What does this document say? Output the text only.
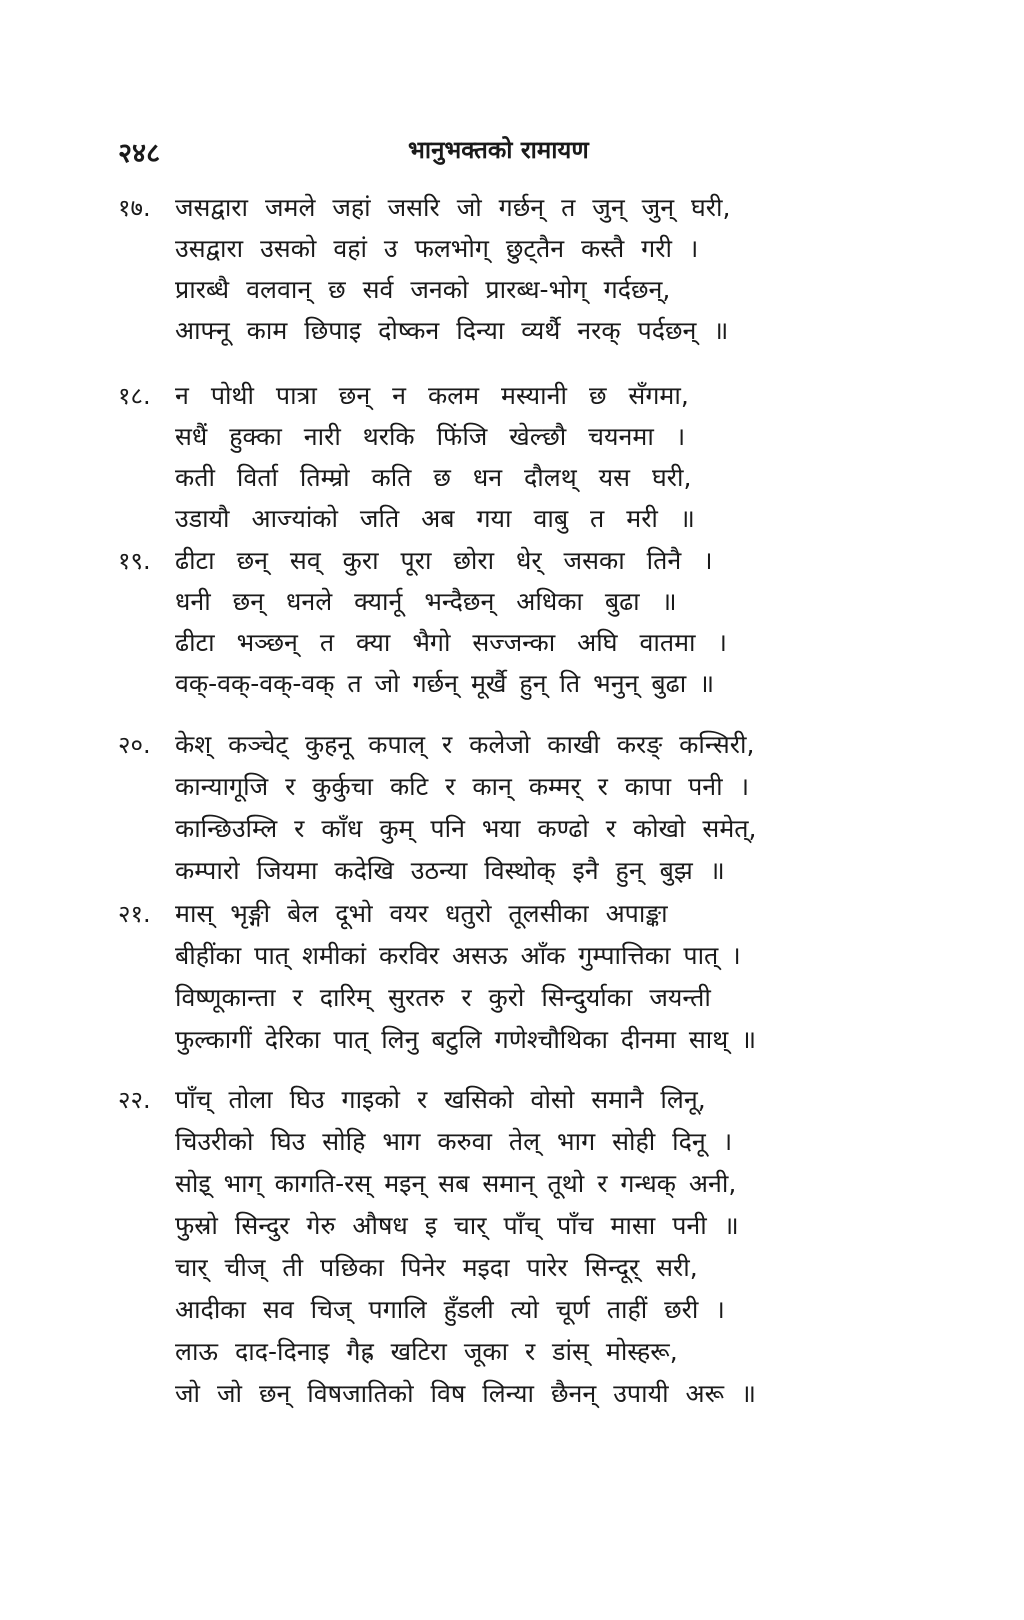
२४८	भानुभक्तको रामायण
१७. जसद्वारा जमले जहां जसरि जो गर्छन् त जुन् जुन् घरी,
उसद्वारा उसको वहां उ फलभोग् छुट्तैन कस्तै गरी ।
प्रारब्धै वलवान् छ सर्व जनको प्रारब्ध-भोग् गर्दछन्,
आफ्नू काम छिपाइ दोष्कन दिन्या व्यर्थै नरक् पर्दछन् ॥
१८. न पोथी पात्रा छन् न कलम मस्यानी छ सँगमा,
सधैं हुक्का नारी थरकि फिंजि खेल्छौ चयनमा ।
कती विर्ता तिम्म्रो कति छ धन दौलथ् यस घरी,
उडायौ आज्यांको जति अब गया वाबु त मरी ॥
१९. ढीटा छन् सव् कुरा पूरा छोरा धेर् जसका तिनै ।
धनी छन् धनले क्यार्नू भन्दैछन् अधिका बुढा ॥
ढीटा भञ्छन् त क्या भैगो सज्जन्का अघि वातमा ।
वक्-वक्-वक्-वक् त जो गर्छन् मूर्खै हुन् ति भनुन् बुढा ॥
२०. केश् कञ्चेट् कुहनू कपाल् र कलेजो काखी करङ् कन्सिरी,
कान्यागूजि र कुर्कुचा कटि र कान् कम्मर् र कापा पनी ।
कान्छिउम्लि र काँध कुम् पनि भया कण्ढो र कोखो समेत्,
कम्पारो जियमा कदेखि उठन्या विस्थोक् इनै हुन् बुझ ॥
२१. मास् भृङ्गी बेल दूभो वयर धतुरो तूलसीका अपाङ्का
बीहींका पात् शमीकां करविर असऊ आँक गुम्पात्तिका पात् ।
विष्णूकान्ता र दारिम् सुरतरु र कुरो सिन्दुर्याका जयन्ती
फुल्कागीं देरिका पात् लिनु बटुलि गणेश्चौथिका दीनमा साथ् ॥
२२. पाँच् तोला घिउ गाइको र खसिको वोसो समानै लिनू,
चिउरीको घिउ सोहि भाग करुवा तेल् भाग सोही दिनू ।
सोइ् भाग् कागति-रस् मइन् सब समान् तूथो र गन्धक् अनी,
फुस्रो सिन्दुर गेरु औषध इ चार् पाँच् पाँच मासा पनी ॥
चार् चीज् ती पछिका पिनेर मइदा पारेर सिन्दूर् सरी,
आदीका सव चिज् पगालि हुँडली त्यो चूर्ण ताहीं छरी ।
लाऊ दाद-दिनाइ गैह्र खटिरा जूका र डांस् मोस्हरू,
जो जो छन् विषजातिको विष लिन्या छैनन् उपायी अरू ॥
